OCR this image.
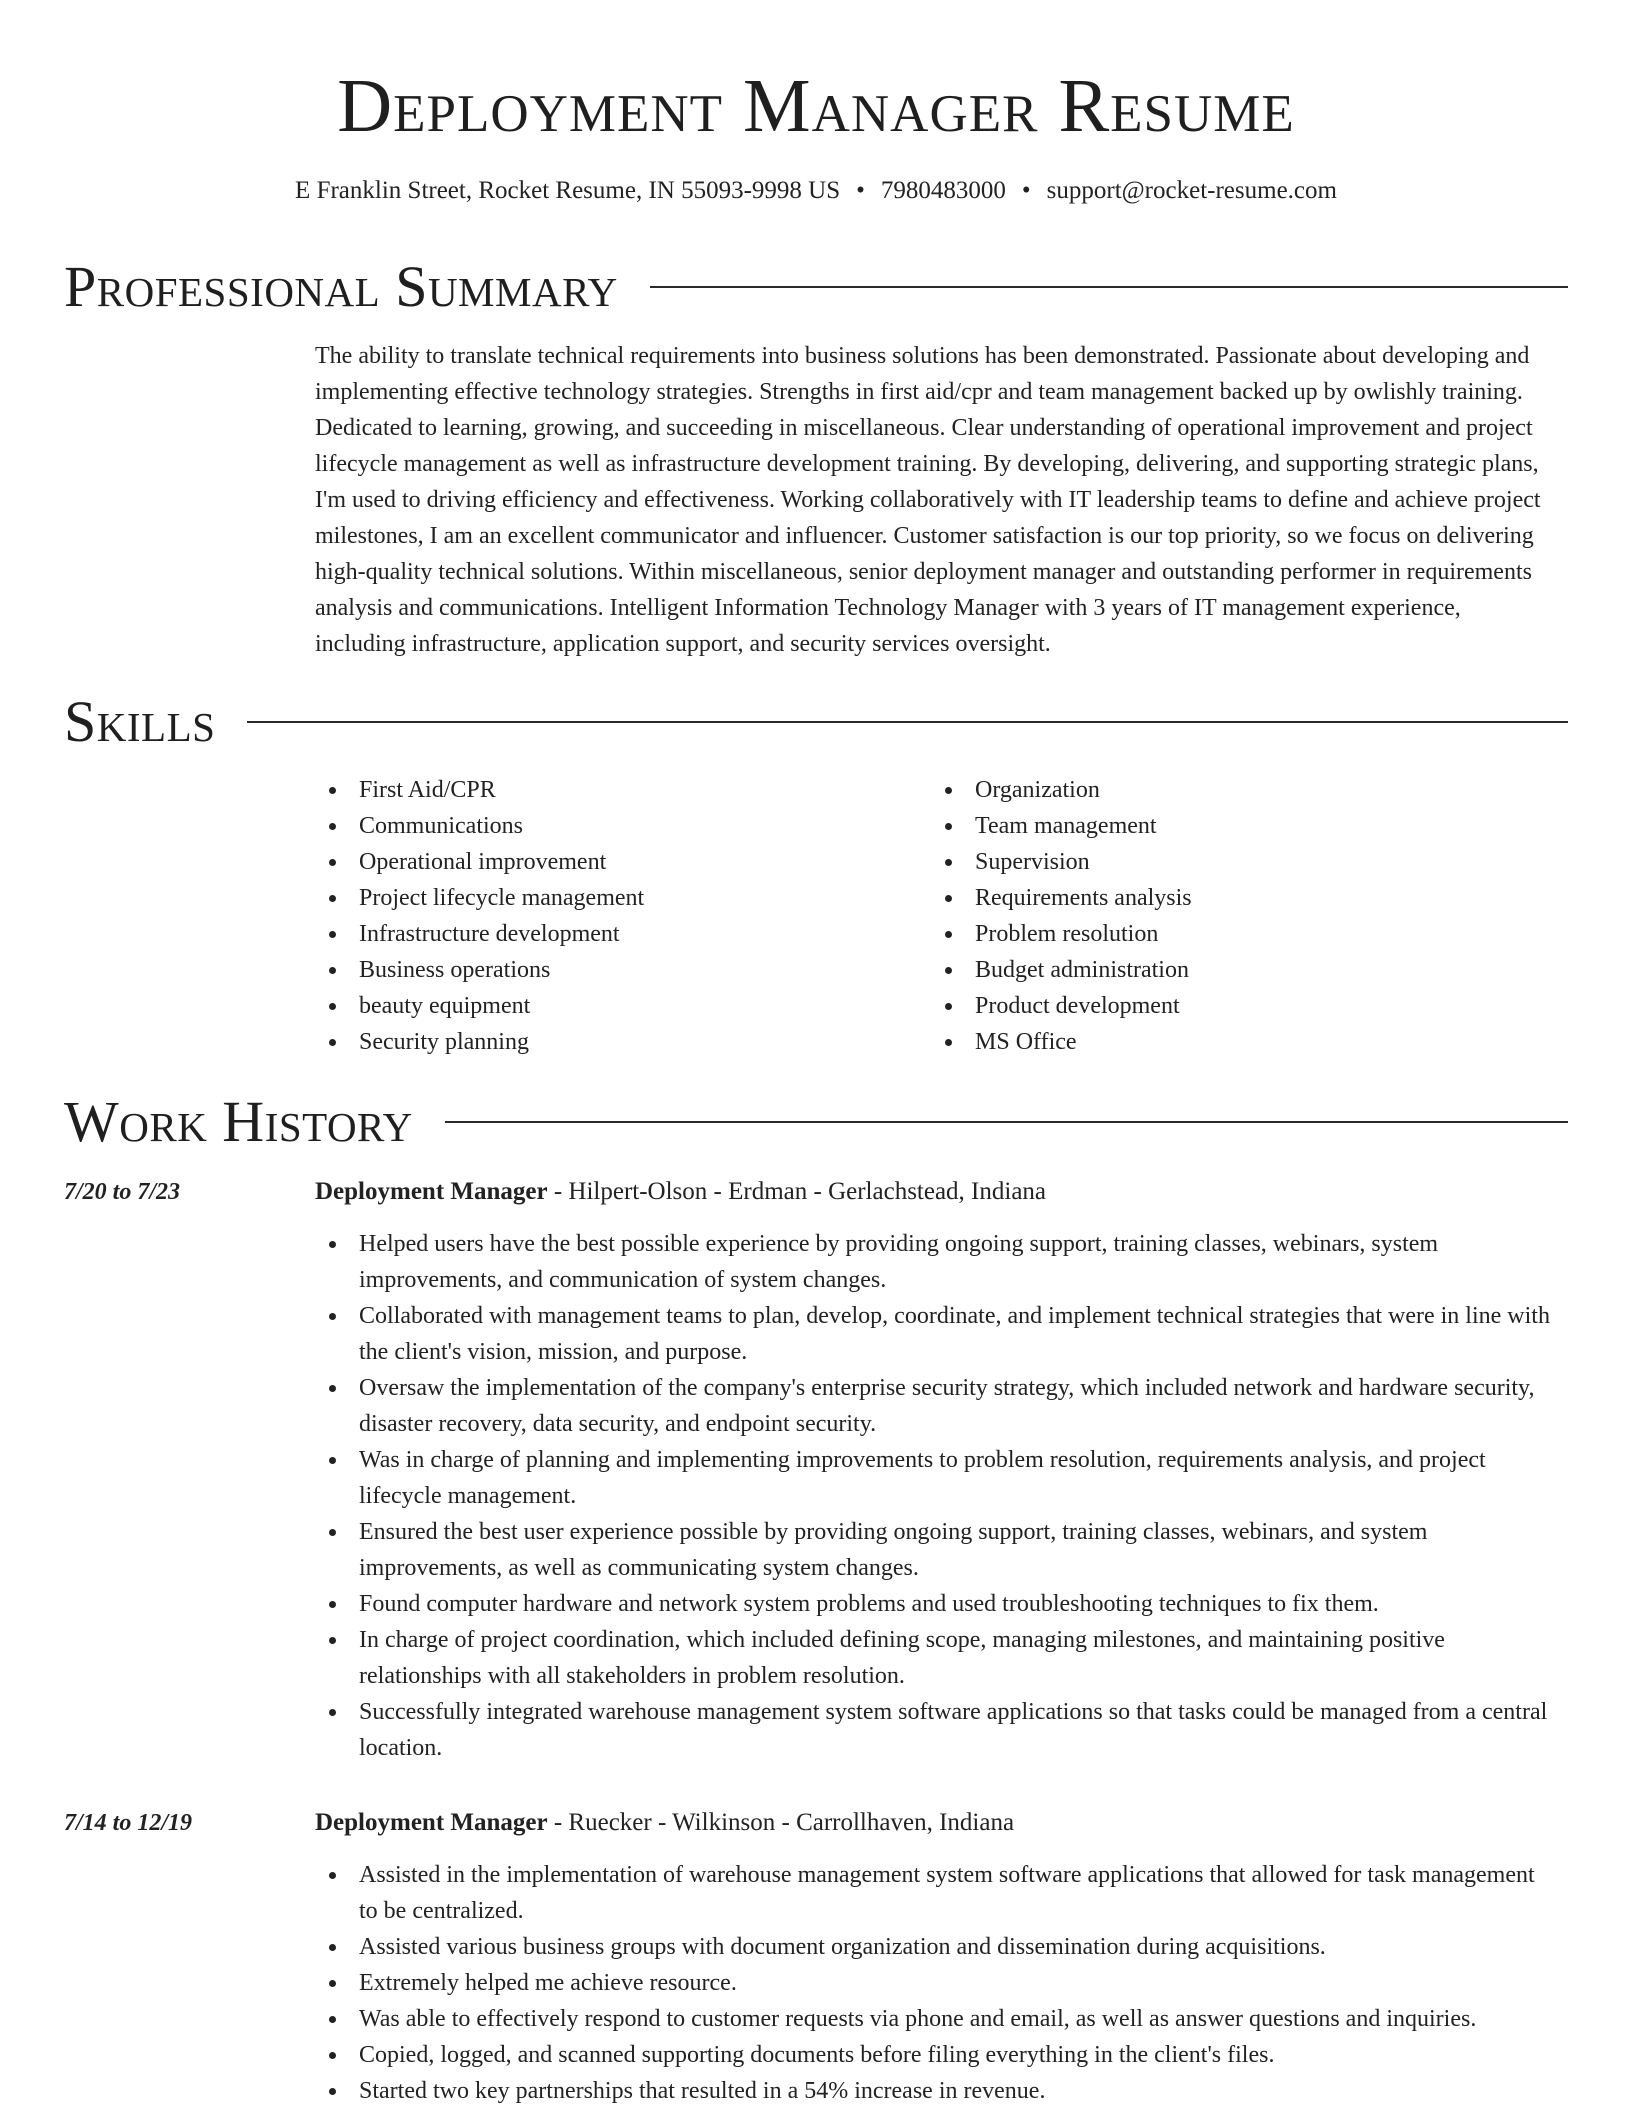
Deployment Manager Resume
E Franklin Street, Rocket Resume, IN 55093-9998 US • 7980483000 • support@rocket-resume.com
Professional Summary

The ability to translate technical requirements into business solutions has been demonstrated. Passionate about developing and implementing effective technology strategies. Strengths in first aid/cpr and team management backed up by owlishly training. Dedicated to learning, growing, and succeeding in miscellaneous. Clear understanding of operational improvement and project lifecycle management as well as infrastructure development training. By developing, delivering, and supporting strategic plans, I'm used to driving efficiency and effectiveness. Working collaboratively with IT leadership teams to define and achieve project milestones, I am an excellent communicator and influencer. Customer satisfaction is our top priority, so we focus on delivering high-quality technical solutions. Within miscellaneous, senior deployment manager and outstanding performer in requirements analysis and communications. Intelligent Information Technology Manager with 3 years of IT management experience, including infrastructure, application support, and security services oversight.

Skills
First Aid/CPR
Communications
Operational improvement
Project lifecycle management
Infrastructure development
Business operations
beauty equipment
Security planning
Organization
Team management
Supervision
Requirements analysis
Problem resolution
Budget administration
Product development
MS Office
Work History
7/20 to 7/23	Deployment Manager - Hilpert-Olson - Erdman - Gerlachstead, Indiana
Helped users have the best possible experience by providing ongoing support, training classes, webinars, system improvements, and communication of system changes.
Collaborated with management teams to plan, develop, coordinate, and implement technical strategies that were in line with the client's vision, mission, and purpose.
Oversaw the implementation of the company's enterprise security strategy, which included network and hardware security, disaster recovery, data security, and endpoint security.
Was in charge of planning and implementing improvements to problem resolution, requirements analysis, and project lifecycle management.
Ensured the best user experience possible by providing ongoing support, training classes, webinars, and system improvements, as well as communicating system changes.
Found computer hardware and network system problems and used troubleshooting techniques to fix them.
In charge of project coordination, which included defining scope, managing milestones, and maintaining positive relationships with all stakeholders in problem resolution.
Successfully integrated warehouse management system software applications so that tasks could be managed from a central location.
7/14 to 12/19	Deployment Manager - Ruecker - Wilkinson - Carrollhaven, Indiana
Assisted in the implementation of warehouse management system software applications that allowed for task management to be centralized.
Assisted various business groups with document organization and dissemination during acquisitions.
Extremely helped me achieve resource.
Was able to effectively respond to customer requests via phone and email, as well as answer questions and inquiries.
Copied, logged, and scanned supporting documents before filing everything in the client's files.
Started two key partnerships that resulted in a 54% increase in revenue.
